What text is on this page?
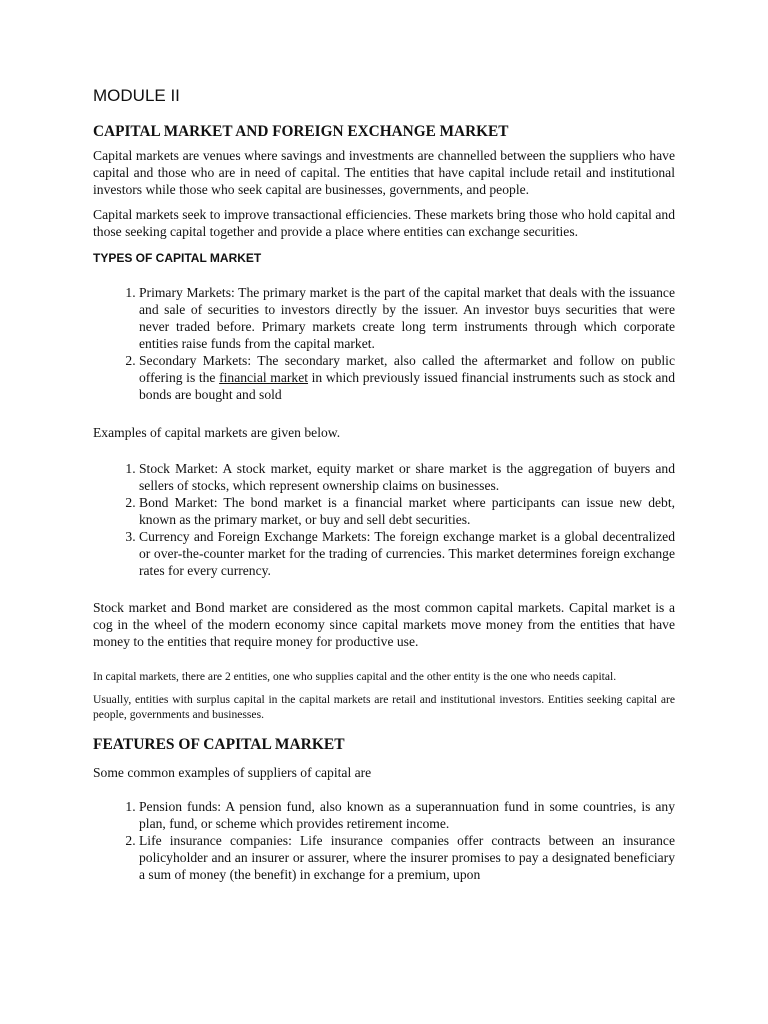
MODULE II
CAPITAL MARKET AND FOREIGN EXCHANGE MARKET

Capital markets are venues where savings and investments are channelled between the suppliers who have capital and those who are in need of capital. The entities that have capital include retail and institutional investors while those who seek capital are businesses, governments, and people.

Capital markets seek to improve transactional efficiencies. These markets bring those who hold capital and those seeking capital together and provide a place where entities can exchange securities.

TYPES OF CAPITAL MARKET
1. Primary Markets: The primary market is the part of the capital market that deals with the issuance and sale of securities to investors directly by the issuer. An investor buys securities that were never traded before. Primary markets create long term instruments through which corporate entities raise funds from the capital market.
2. Secondary Markets: The secondary market, also called the aftermarket and follow on public offering is the financial market in which previously issued financial instruments such as stock and bonds are bought and sold

Examples of capital markets are given below.

1. Stock Market: A stock market, equity market or share market is the aggregation of buyers and sellers of stocks, which represent ownership claims on businesses.
2. Bond Market: The bond market is a financial market where participants can issue new debt, known as the primary market, or buy and sell debt securities.
3. Currency and Foreign Exchange Markets: The foreign exchange market is a global decentralized or over-the-counter market for the trading of currencies. This market determines foreign exchange rates for every currency.

Stock market and Bond market are considered as the most common capital markets. Capital market is a cog in the wheel of the modern economy since capital markets move money from the entities that have money to the entities that require money for productive use.

In capital markets, there are 2 entities, one who supplies capital and the other entity is the one who needs capital.

Usually, entities with surplus capital in the capital markets are retail and institutional investors. Entities seeking capital are people, governments and businesses.

FEATURES OF CAPITAL MARKET

Some common examples of suppliers of capital are

1. Pension funds: A pension fund, also known as a superannuation fund in some countries, is any plan, fund, or scheme which provides retirement income.
2. Life insurance companies: Life insurance companies offer contracts between an insurance policyholder and an insurer or assurer, where the insurer promises to pay a designated beneficiary a sum of money (the benefit) in exchange for a premium, upon
